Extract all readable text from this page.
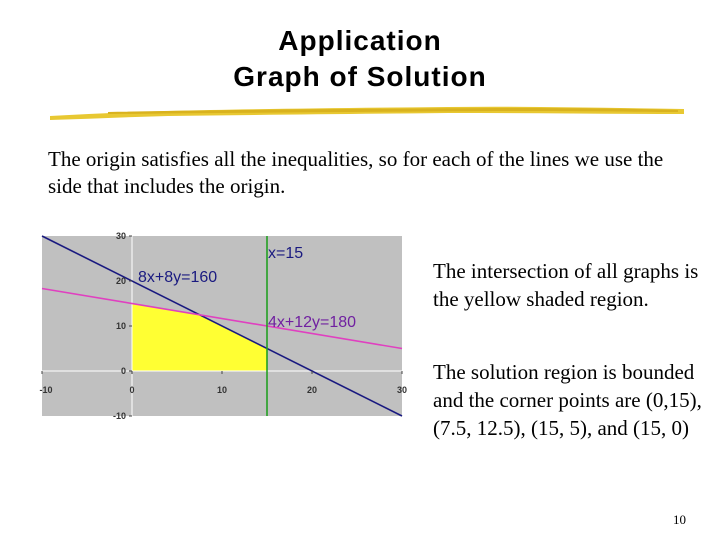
Application
Graph of Solution
The origin satisfies all the inequalities, so for each of the lines we use the side that includes the origin.
-10	0	10	20	30
30
20
10
0
-10
8x+8y=160
x=15
4x+12y=180
The intersection of all graphs is the yellow shaded region.
The solution region is bounded and the corner points are (0,15), (7.5, 12.5), (15, 5), and (15, 0)
10
